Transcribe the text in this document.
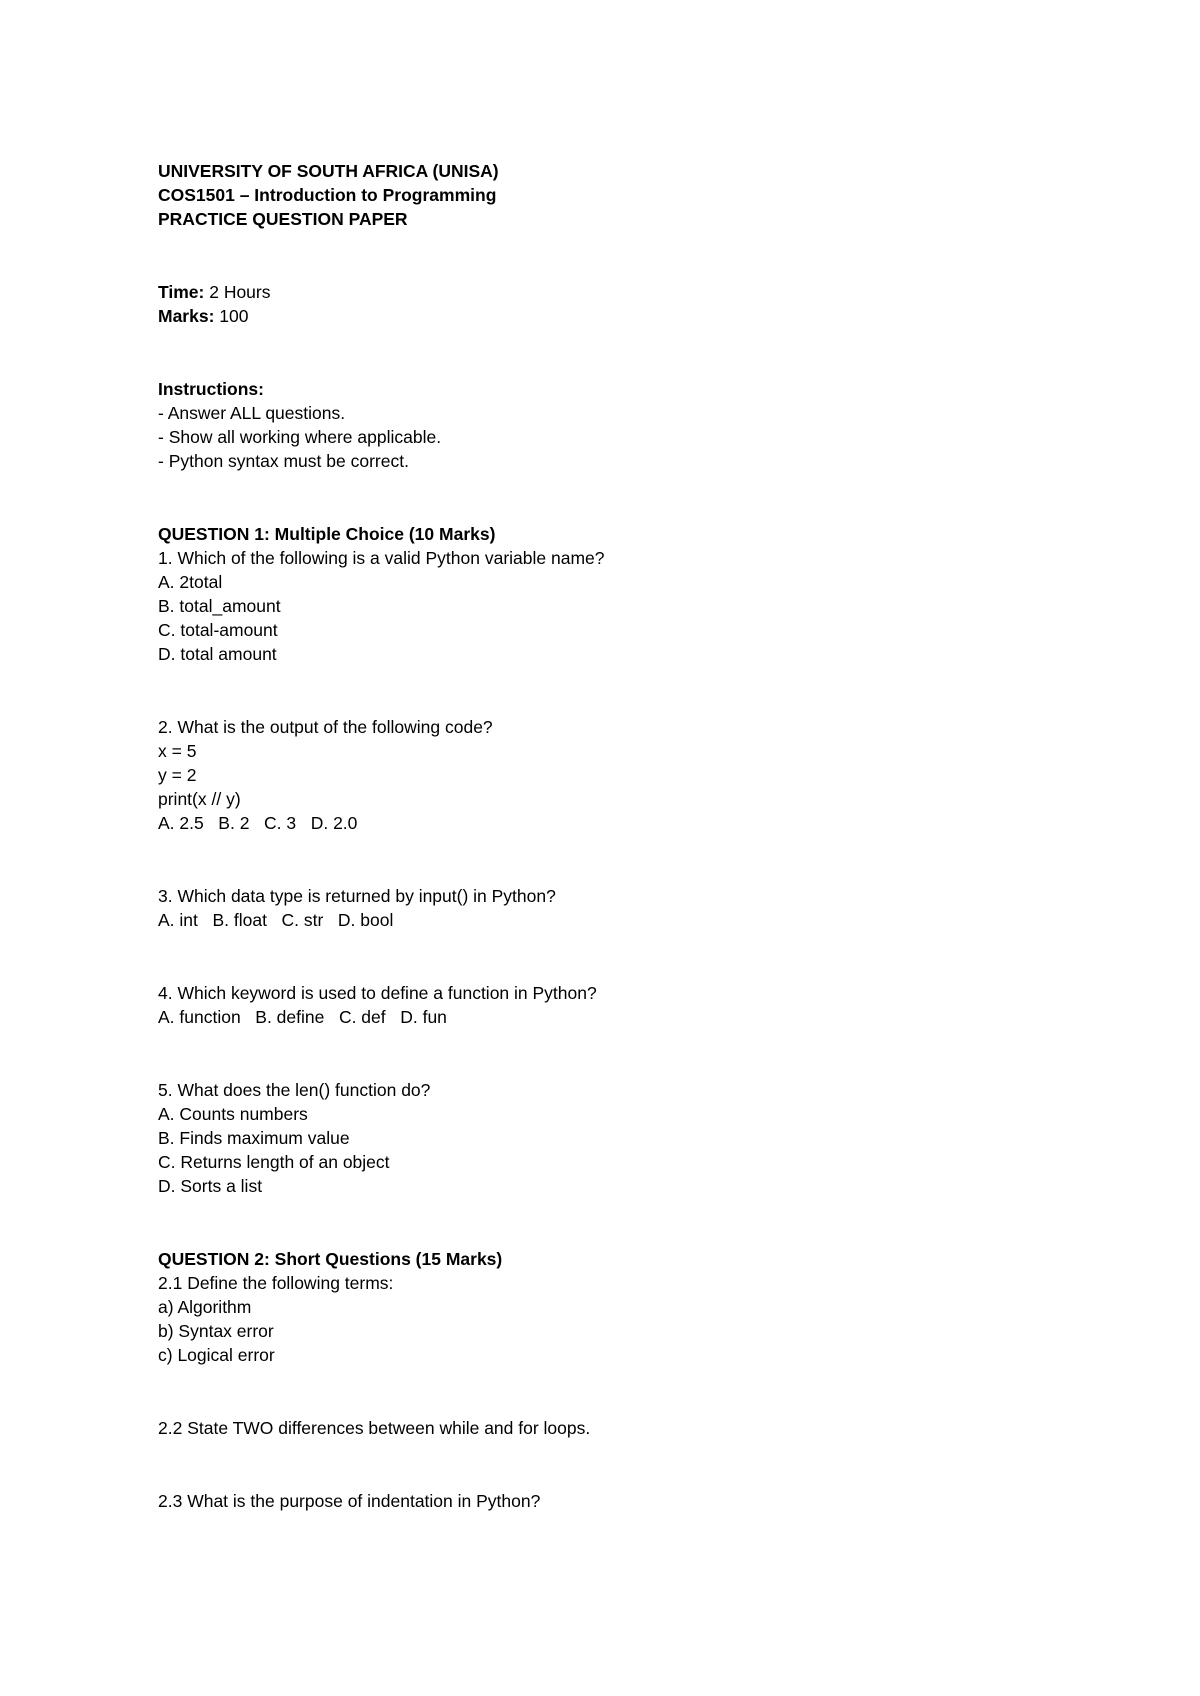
UNIVERSITY OF SOUTH AFRICA (UNISA)

COS1501 – Introduction to Programming

PRACTICE QUESTION PAPER

Time: 2 Hours

Marks: 100

Instructions:

- Answer ALL questions.

- Show all working where applicable.

- Python syntax must be correct.

QUESTION 1: Multiple Choice (10 Marks)

1. Which of the following is a valid Python variable name?

A. 2total

B. total_amount

C. total-amount

D. total amount

2. What is the output of the following code?

x = 5

y = 2

print(x // y)

A. 2.5   B. 2   C. 3   D. 2.0

3. Which data type is returned by input() in Python?

A. int   B. float   C. str   D. bool

4. Which keyword is used to define a function in Python?

A. function   B. define   C. def   D. fun

5. What does the len() function do?

A. Counts numbers

B. Finds maximum value

C. Returns length of an object

D. Sorts a list

QUESTION 2: Short Questions (15 Marks)

2.1 Define the following terms:

a) Algorithm

b) Syntax error

c) Logical error

2.2 State TWO differences between while and for loops.

2.3 What is the purpose of indentation in Python?
